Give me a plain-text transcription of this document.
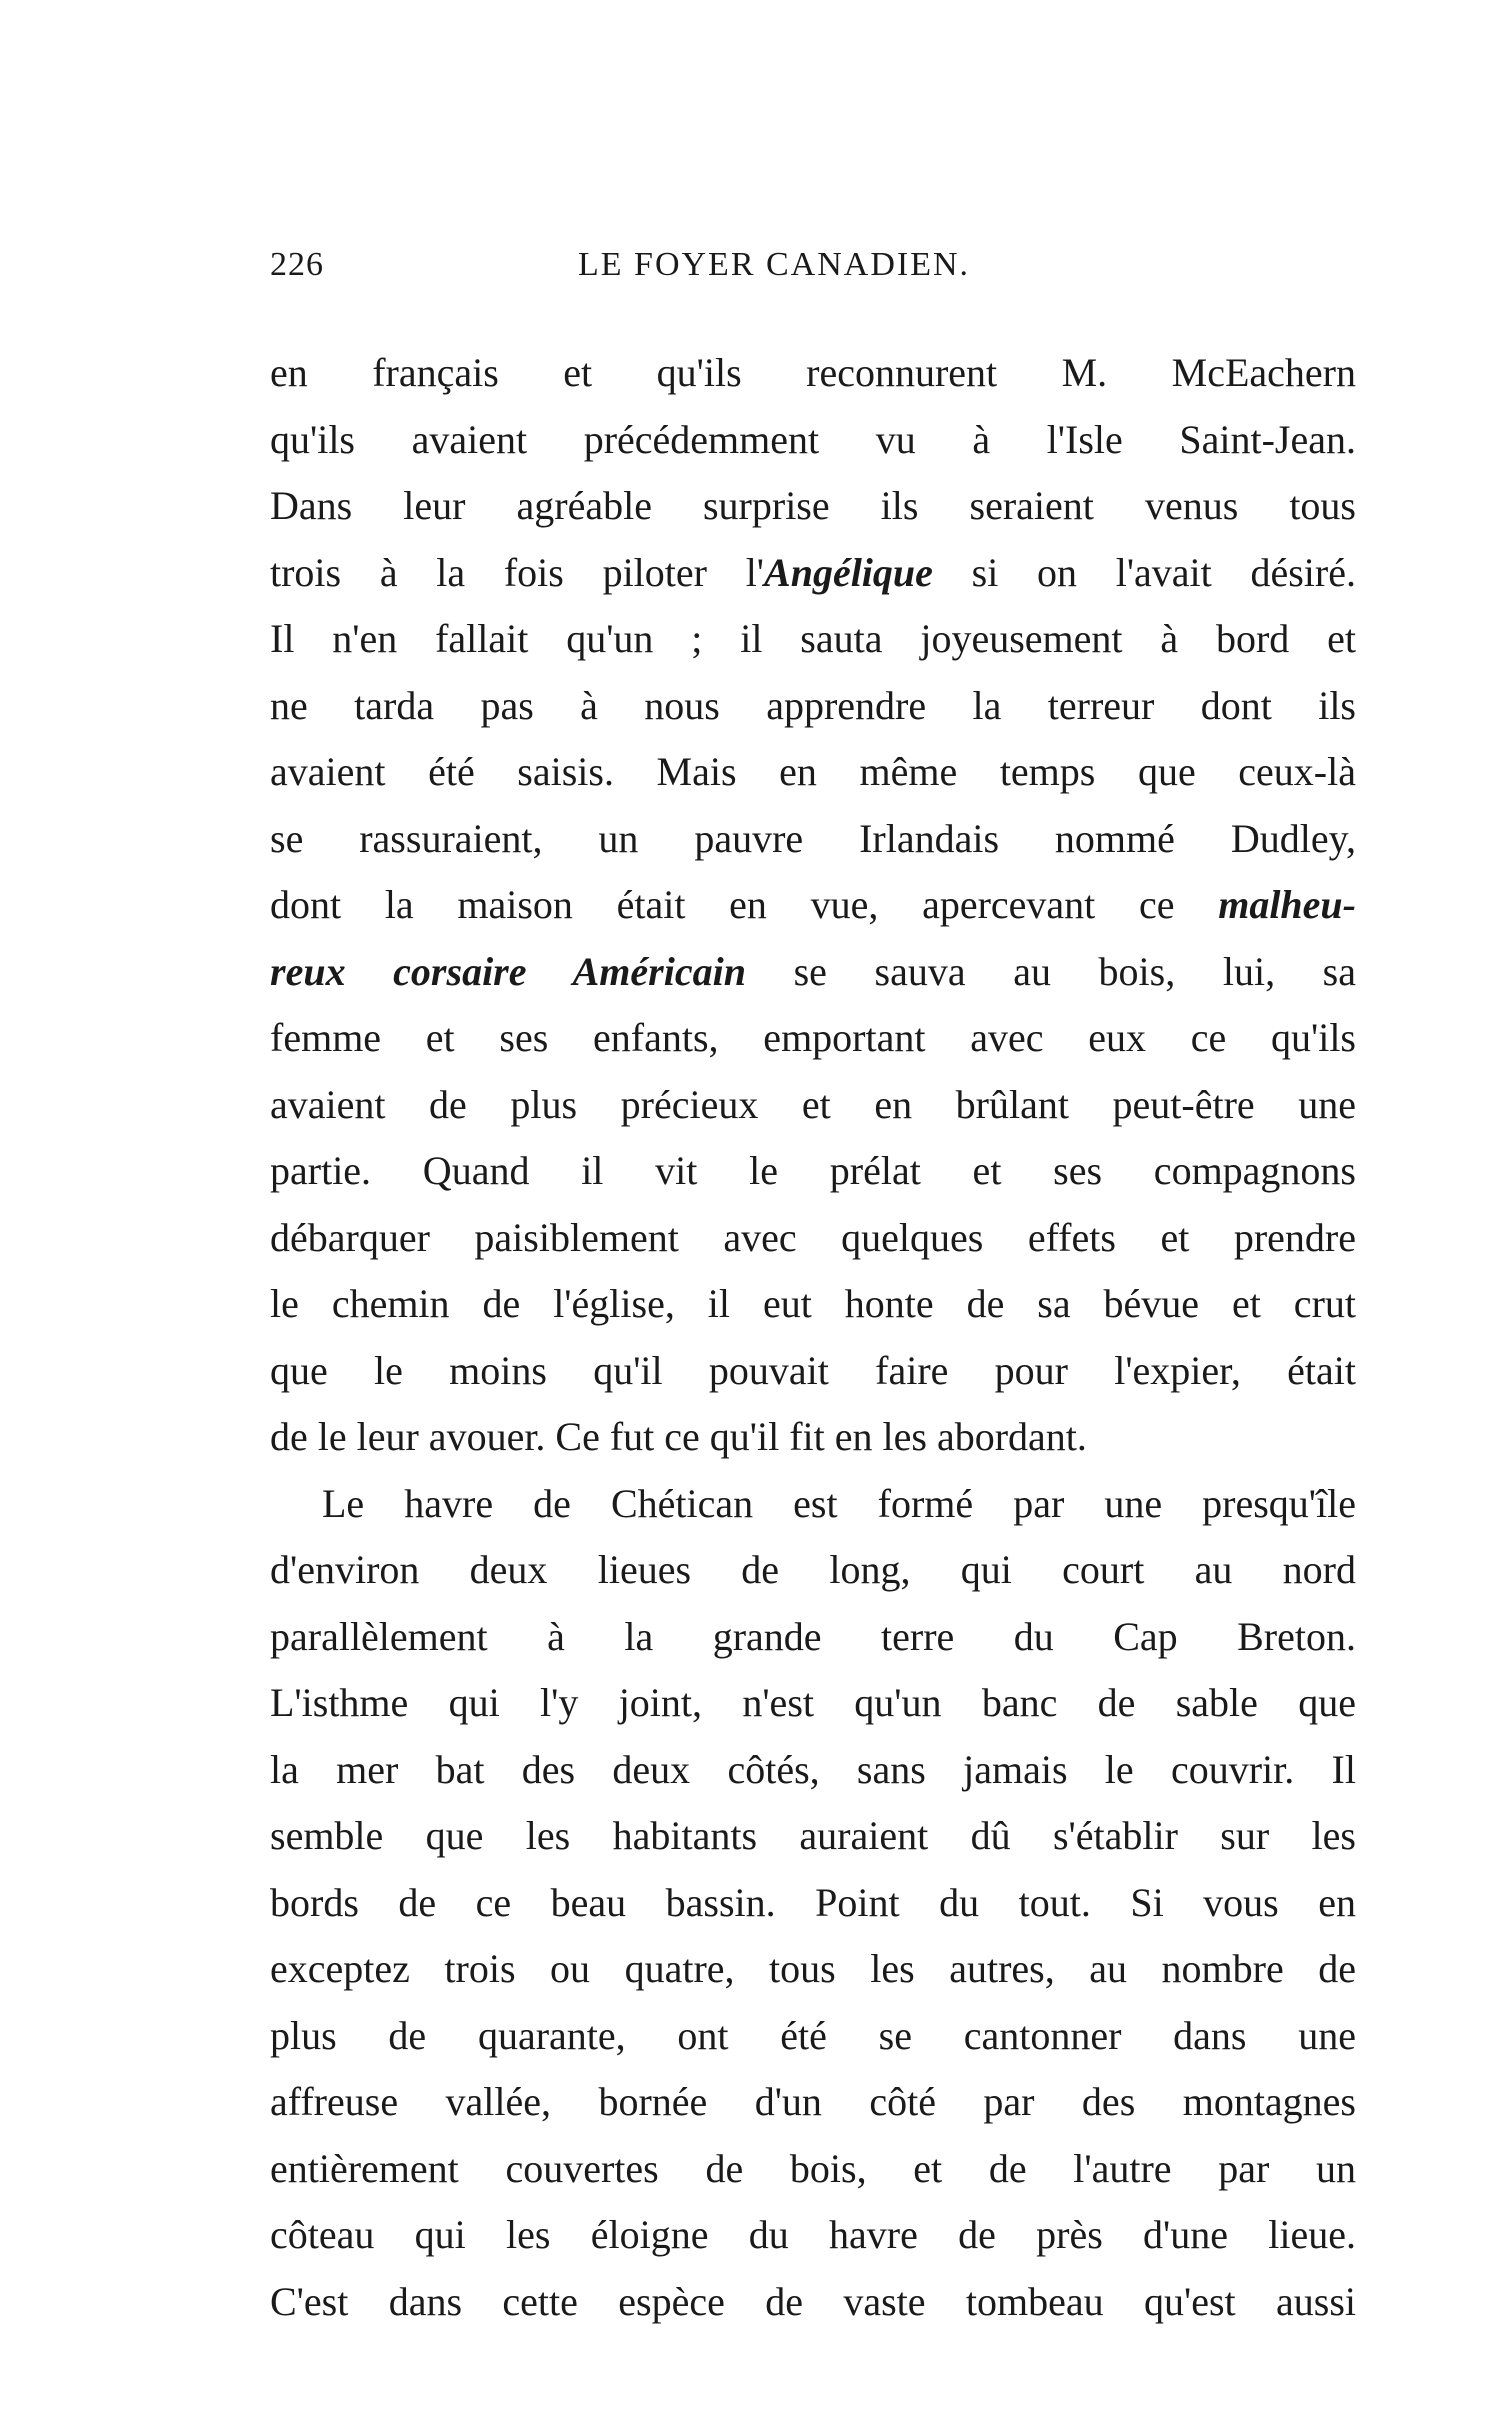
226	LE FOYER CANADIEN.
en français et qu'ils reconnurent M. McEachern
qu'ils avaient précédemment vu à l'Isle Saint-Jean.
Dans leur agréable surprise ils seraient venus tous
trois à la fois piloter l'Angélique si on l'avait désiré.
Il n'en fallait qu'un ; il sauta joyeusement à bord et
ne tarda pas à nous apprendre la terreur dont ils
avaient été saisis. Mais en même temps que ceux-là
se rassuraient, un pauvre Irlandais nommé Dudley,
dont la maison était en vue, apercevant ce malheu-
reux corsaire Américain se sauva au bois, lui, sa
femme et ses enfants, emportant avec eux ce qu'ils
avaient de plus précieux et en brûlant peut-être une
partie. Quand il vit le prélat et ses compagnons
débarquer paisiblement avec quelques effets et prendre
le chemin de l'église, il eut honte de sa bévue et crut
que le moins qu'il pouvait faire pour l'expier, était
de le leur avouer. Ce fut ce qu'il fit en les abordant.
Le havre de Chétican est formé par une presqu'île
d'environ deux lieues de long, qui court au nord
parallèlement à la grande terre du Cap Breton.
L'isthme qui l'y joint, n'est qu'un banc de sable que
la mer bat des deux côtés, sans jamais le couvrir. Il
semble que les habitants auraient dû s'établir sur les
bords de ce beau bassin. Point du tout. Si vous en
exceptez trois ou quatre, tous les autres, au nombre de
plus de quarante, ont été se cantonner dans une
affreuse vallée, bornée d'un côté par des montagnes
entièrement couvertes de bois, et de l'autre par un
côteau qui les éloigne du havre de près d'une lieue.
C'est dans cette espèce de vaste tombeau qu'est aussi
